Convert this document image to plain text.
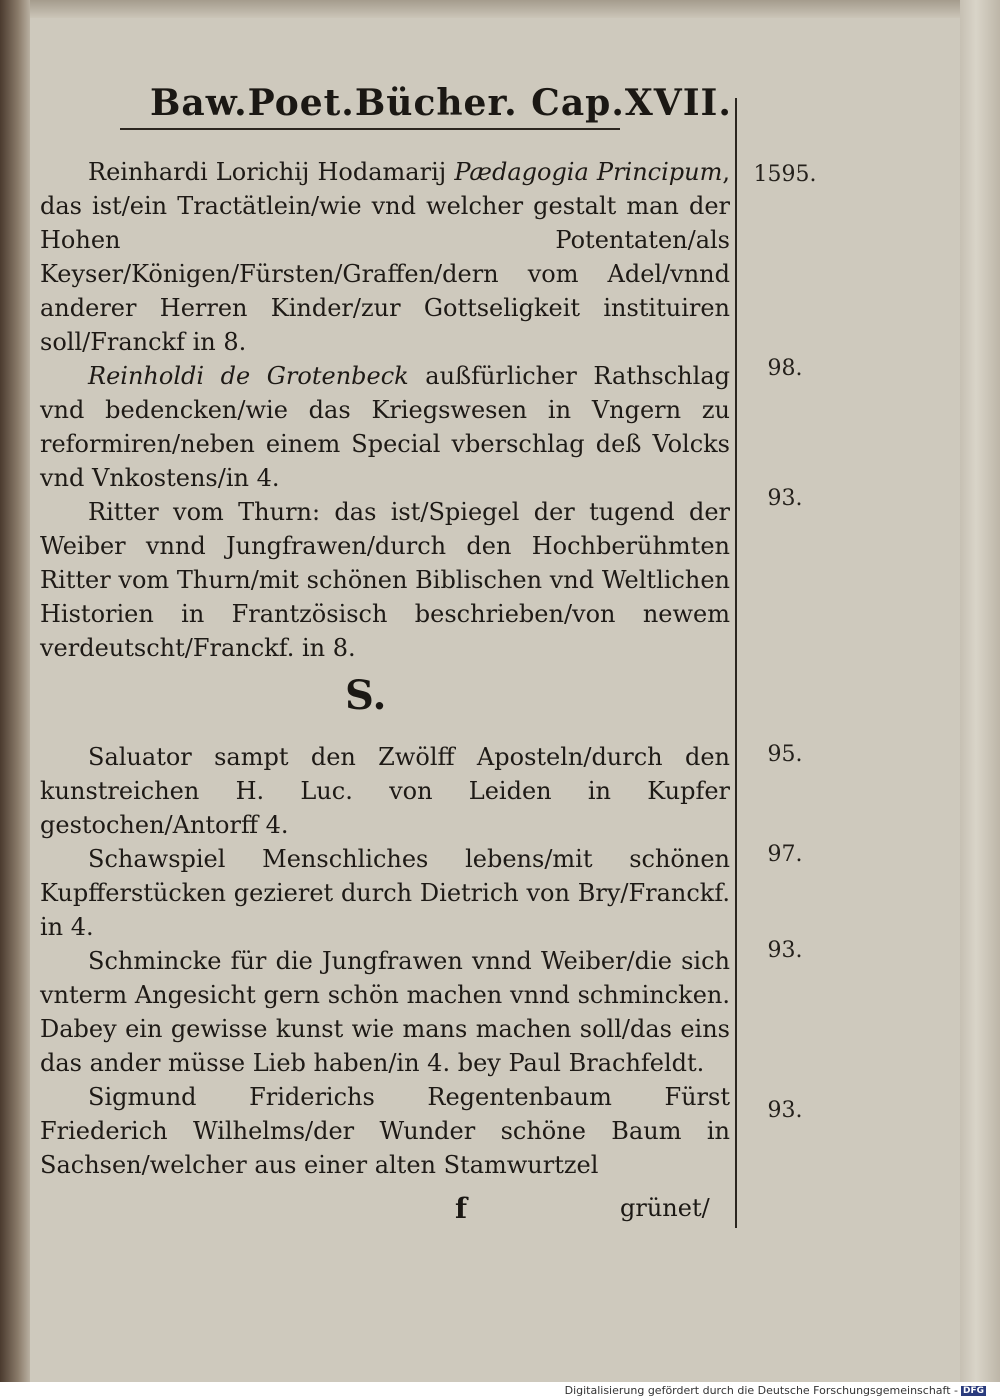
Baw.Poet.Bücher. Cap.XVII.

Reinhardi Lorichij Hodamarij Pædagogia Principum, das ist/ein Tractätlein/wie vnd welcher gestalt man der Hohen Potentaten/als Keyser/Königen/Fürsten/Graffen/dern vom Adel/vnnd anderer Herren Kinder/zur Gottseligkeit instituiren soll/Franckf in 8.

Reinholdi de Grotenbeck außfürlicher Rathschlag vnd bedencken/wie das Kriegswesen in Vngern zu reformiren/neben einem Special vberschlag deß Volcks vnd Vnkostens/in 4.

Ritter vom Thurn: das ist/Spiegel der tugend der Weiber vnnd Jungfrawen/durch den Hochberühmten Ritter vom Thurn/mit schönen Biblischen vnd Weltlichen Historien in Frantzösisch beschrieben/von newem verdeutscht/Franckf. in 8.

1595.
98.
93.
S.

Saluator sampt den Zwölff Aposteln/durch den kunstreichen H. Luc. von Leiden in Kupfer gestochen/Antorff 4.

Schawspiel Menschliches lebens/mit schönen Kupfferstücken gezieret durch Dietrich von Bry/Franckf. in 4.

Schmincke für die Jungfrawen vnnd Weiber/die sich vnterm Angesicht gern schön machen vnnd schmincken. Dabey ein gewisse kunst wie mans machen soll/das eins das ander müsse Lieb haben/in 4. bey Paul Brachfeldt.

Sigmund Friderichs Regentenbaum Fürst Friederich Wilhelms/der Wunder schöne Baum in Sachsen/welcher aus einer alten Stamwurtzel

95.
97.
93.
93.
f	grünet/
Digitalisierung gefördert durch die Deutsche Forschungsgemeinschaft - DFG
